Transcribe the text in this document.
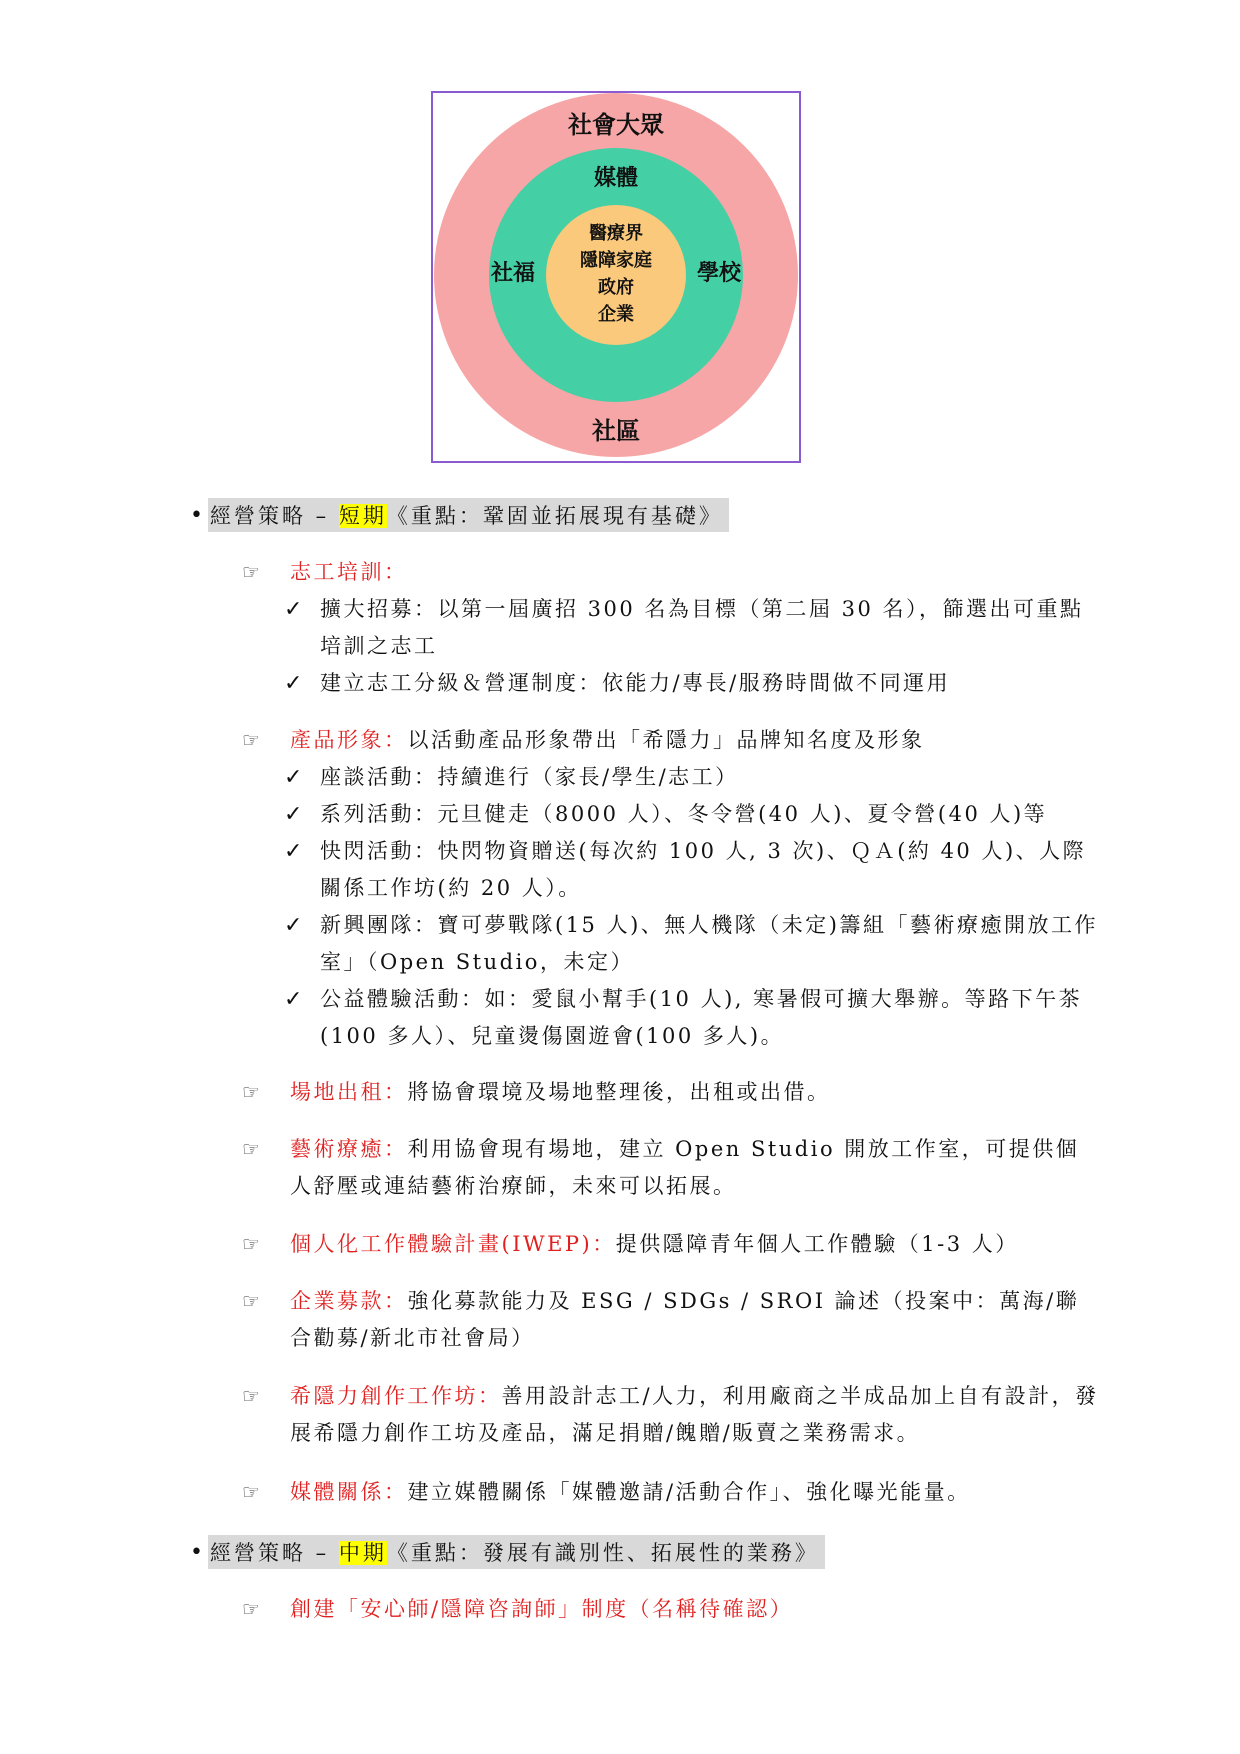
社會大眾
社區
媒體
社福	學校
醫療界
隱障家庭
政府
企業
• 經營策略 – 短期《重點：鞏固並拓展現有基礎》
☞ 志工培訓：
✓ 擴大招募：以第一屆廣招 300 名為目標（第二屆 30 名），篩選出可重點培訓之志工
✓ 建立志工分級＆營運制度：依能力/專長/服務時間做不同運用
☞ 產品形象：以活動產品形象帶出「希隱力」品牌知名度及形象
✓ 座談活動：持續進行（家長/學生/志工）
✓ 系列活動：元旦健走（8000 人）、冬令營(40 人)、夏令營(40 人)等
✓ 快閃活動：快閃物資贈送(每次約 100 人, 3 次)、ＱＡ(約 40 人)、人際關係工作坊(約 20 人）。
✓ 新興團隊：寶可夢戰隊(15 人)、無人機隊（未定)籌組「藝術療癒開放工作室」（Open Studio，未定）
✓ 公益體驗活動：如：愛鼠小幫手(10 人), 寒暑假可擴大舉辦。等路下午茶(100 多人）、兒童燙傷園遊會(100 多人)。
☞ 場地出租：將協會環境及場地整理後，出租或出借。
☞ 藝術療癒：利用協會現有場地，建立 Open Studio 開放工作室，可提供個人舒壓或連結藝術治療師，未來可以拓展。
☞ 個人化工作體驗計畫(IWEP)：提供隱障青年個人工作體驗（1-3 人）
☞ 企業募款：強化募款能力及 ESG / SDGs / SROI 論述（投案中：萬海/聯合勸募/新北市社會局）
☞ 希隱力創作工作坊：善用設計志工/人力，利用廠商之半成品加上自有設計，發展希隱力創作工坊及產品，滿足捐贈/餽贈/販賣之業務需求。
☞ 媒體關係：建立媒體關係「媒體邀請/活動合作」、強化曝光能量。
• 經營策略 – 中期《重點：發展有識別性、拓展性的業務》
☞ 創建「安心師/隱障咨詢師」制度（名稱待確認）
